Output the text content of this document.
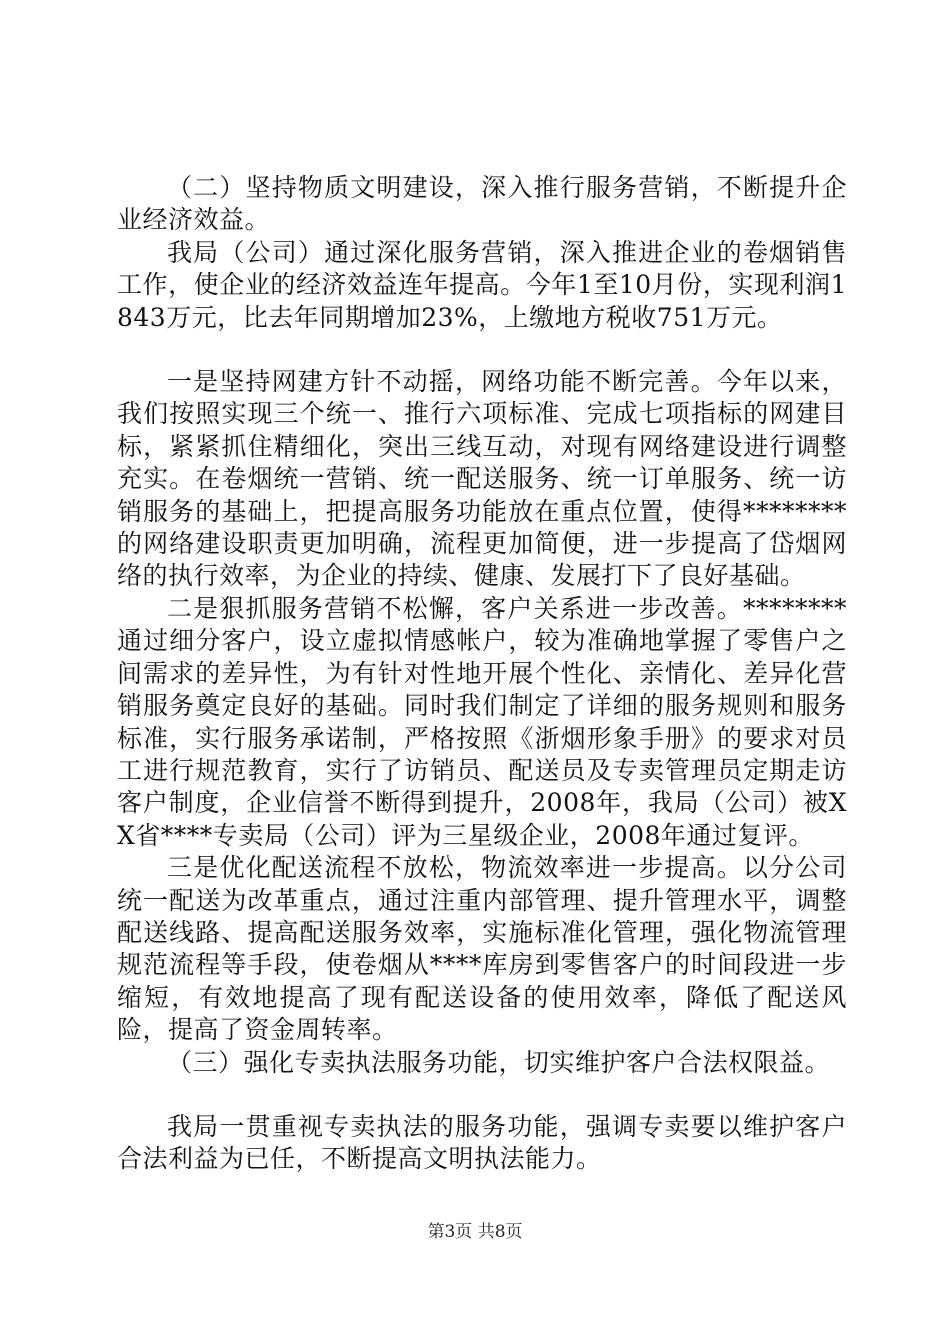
（二）坚持物质文明建设，深入推行服务营销，不断提升企业经济效益。

我局（公司）通过深化服务营销，深入推进企业的卷烟销售工作，使企业的经济效益连年提高。今年1至10月份，实现利润1843万元，比去年同期增加23%，上缴地方税收751万元。

一是坚持网建方针不动摇，网络功能不断完善。今年以来，我们按照实现三个统一、推行六项标准、完成七项指标的网建目标，紧紧抓住精细化，突出三线互动，对现有网络建设进行调整充实。在卷烟统一营销、统一配送服务、统一订单服务、统一访销服务的基础上，把提高服务功能放在重点位置，使得********的网络建设职责更加明确，流程更加简便，进一步提高了岱烟网络的执行效率，为企业的持续、健康、发展打下了良好基础。

二是狠抓服务营销不松懈，客户关系进一步改善。********通过细分客户，设立虚拟情感帐户，较为准确地掌握了零售户之间需求的差异性，为有针对性地开展个性化、亲情化、差异化营销服务奠定良好的基础。同时我们制定了详细的服务规则和服务标准，实行服务承诺制，严格按照《浙烟形象手册》的要求对员工进行规范教育，实行了访销员、配送员及专卖管理员定期走访客户制度，企业信誉不断得到提升，2008年，我局（公司）被XX省****专卖局（公司）评为三星级企业，2008年通过复评。

三是优化配送流程不放松，物流效率进一步提高。以分公司统一配送为改革重点，通过注重内部管理、提升管理水平，调整配送线路、提高配送服务效率，实施标准化管理，强化物流管理规范流程等手段，使卷烟从****库房到零售客户的时间段进一步缩短，有效地提高了现有配送设备的使用效率，降低了配送风险，提高了资金周转率。

（三）强化专卖执法服务功能，切实维护客户合法权限益。

我局一贯重视专卖执法的服务功能，强调专卖要以维护客户合法利益为已任，不断提高文明执法能力。

第3页 共8页
